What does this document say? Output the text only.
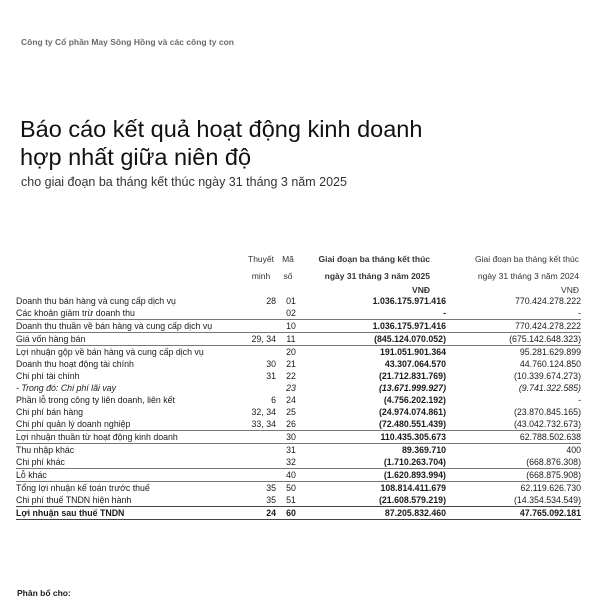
Công ty Cổ phần May Sông Hồng và các công ty con
Báo cáo kết quả hoạt động kinh doanh
hợp nhất giữa niên độ
cho giai đoạn ba tháng kết thúc ngày 31 tháng 3 năm 2025
Thuyết
minh
Mã
số
Giai đoạn ba tháng kết thúc
ngày 31 tháng 3 năm 2025
Giai đoạn ba tháng kết thúc
ngày 31 tháng 3 năm 2024
VNĐ	VNĐ
Doanh thu bán hàng và cung cấp dịch vụ	28	01	1.036.175.971.416	770.424.278.222
Các khoản giảm trừ doanh thu		02	-	-
Doanh thu thuần về bán hàng và cung cấp dịch vụ		10	1.036.175.971.416	770.424.278.222
Giá vốn hàng bán	29, 34	11	(845.124.070.052)	(675.142.648.323)
Lợi nhuận gộp về bán hàng và cung cấp dịch vụ		20	191.051.901.364	95.281.629.899
Doanh thu hoạt động tài chính	30	21	43.307.064.570	44.760.124.850
Chi phí tài chính	31	22	(21.712.831.769)	(10.339.674.273)
- Trong đó: Chi phí lãi vay		23	(13.671.999.927)	(9.741.322.585)
Phần lỗ trong công ty liên doanh, liên kết	6	24	(4.756.202.192)	-
Chi phí bán hàng	32, 34	25	(24.974.074.861)	(23.870.845.165)
Chi phí quản lý doanh nghiệp	33, 34	26	(72.480.551.439)	(43.042.732.673)
Lợi nhuận thuần từ hoạt động kinh doanh		30	110.435.305.673	62.788.502.638
Thu nhập khác		31	89.369.710	400
Chi phí khác		32	(1.710.263.704)	(668.876.308)
Lỗ khác		40	(1.620.893.994)	(668.875.908)
Tổng lợi nhuận kế toán trước thuế	35	50	108.814.411.679	62.119.626.730
Chi phí thuế TNDN hiện hành	35	51	(21.608.579.219)	(14.354.534.549)
Lợi nhuận sau thuế TNDN	24	60	87.205.832.460	47.765.092.181
Phân bổ cho:
